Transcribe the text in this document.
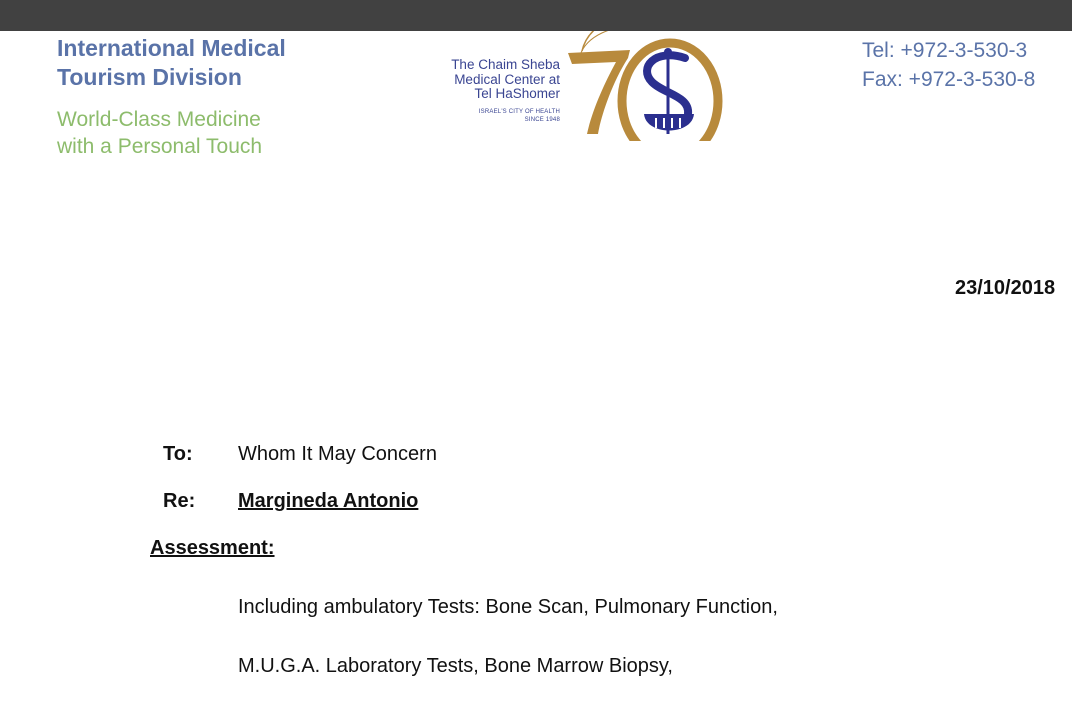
International Medical
Tourism Division
World-Class Medicine
with a Personal Touch
The Chaim Sheba
Medical Center at
Tel HaShomer
ISRAEL'S CITY OF HEALTH
SINCE 1948
Tel: +972-3-530-3
Fax: +972-3-530-8
23/10/2018
To: Whom It May Concern
Re: Margineda Antonio
Assessment:
Including ambulatory Tests: Bone Scan, Pulmonary Function,
M.U.G.A. Laboratory Tests, Bone Marrow Biopsy,
